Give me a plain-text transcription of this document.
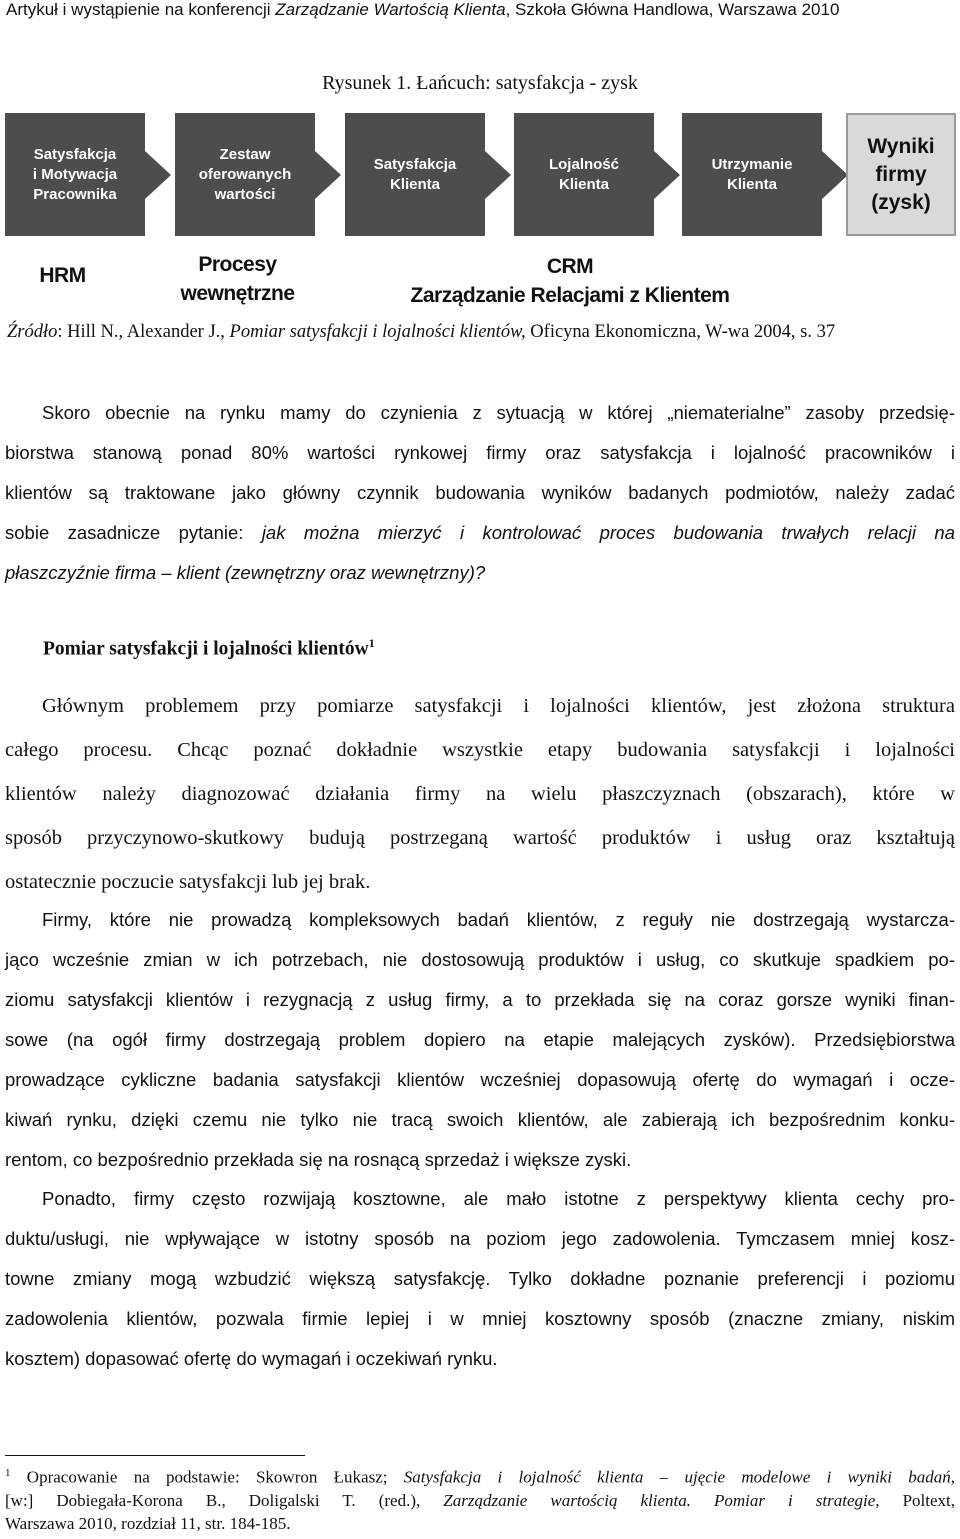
Artykuł i wystąpienie na konferencji Zarządzanie Wartością Klienta, Szkoła Główna Handlowa, Warszawa 2010
Rysunek 1. Łańcuch: satysfakcja - zysk
Satysfakcja
i Motywacja
Pracownika
Zestaw
oferowanych
wartości
Satysfakcja
Klienta
Lojalność
Klienta
Utrzymanie
Klienta
Wyniki
firmy
(zysk)
HRM	Procesy
wewnętrzne
CRM
Zarządzanie Relacjami z Klientem
Źródło: Hill N., Alexander J., Pomiar satysfakcji i lojalności klientów, Oficyna Ekonomiczna, W-wa 2004, s. 37
Skoro obecnie na rynku mamy do czynienia z sytuacją w której „niematerialne” zasoby przedsię-
biorstwa stanową ponad 80% wartości rynkowej firmy oraz satysfakcja i lojalność pracowników i
klientów są traktowane jako główny czynnik budowania wyników badanych podmiotów, należy zadać
sobie zasadnicze pytanie: jak można mierzyć i kontrolować proces budowania trwałych relacji na
płaszczyźnie firma – klient (zewnętrzny oraz wewnętrzny)?
Pomiar satysfakcji i lojalności klientów$^1$
Głównym problemem przy pomiarze satysfakcji i lojalności klientów, jest złożona struktura
całego procesu. Chcąc poznać dokładnie wszystkie etapy budowania satysfakcji i lojalności
klientów należy diagnozować działania firmy na wielu płaszczyznach (obszarach), które w
sposób przyczynowo-skutkowy budują postrzeganą wartość produktów i usług oraz kształtują
ostatecznie poczucie satysfakcji lub jej brak.
Firmy, które nie prowadzą kompleksowych badań klientów, z reguły nie dostrzegają wystarcza-
jąco wcześnie zmian w ich potrzebach, nie dostosowują produktów i usług, co skutkuje spadkiem po-
ziomu satysfakcji klientów i rezygnacją z usług firmy, a to przekłada się na coraz gorsze wyniki finan-
sowe (na ogół firmy dostrzegają problem dopiero na etapie malejących zysków). Przedsiębiorstwa
prowadzące cykliczne badania satysfakcji klientów wcześniej dopasowują ofertę do wymagań i ocze-
kiwań rynku, dzięki czemu nie tylko nie tracą swoich klientów, ale zabierają ich bezpośrednim konku-
rentom, co bezpośrednio przekłada się na rosnącą sprzedaż i większe zyski.
Ponadto, firmy często rozwijają kosztowne, ale mało istotne z perspektywy klienta cechy pro-
duktu/usługi, nie wpływające w istotny sposób na poziom jego zadowolenia. Tymczasem mniej kosz-
towne zmiany mogą wzbudzić większą satysfakcję. Tylko dokładne poznanie preferencji i poziomu
zadowolenia klientów, pozwala firmie lepiej i w mniej kosztowny sposób (znaczne zmiany, niskim
kosztem) dopasować ofertę do wymagań i oczekiwań rynku.
$^1$ Opracowanie na podstawie: Skowron Łukasz; Satysfakcja i lojalność klienta – ujęcie modelowe i wyniki badań,
[w:] Dobiegała-Korona B., Doligalski T. (red.), Zarządzanie wartością klienta. Pomiar i strategie, Poltext,
Warszawa 2010, rozdział 11, str. 184-185.
